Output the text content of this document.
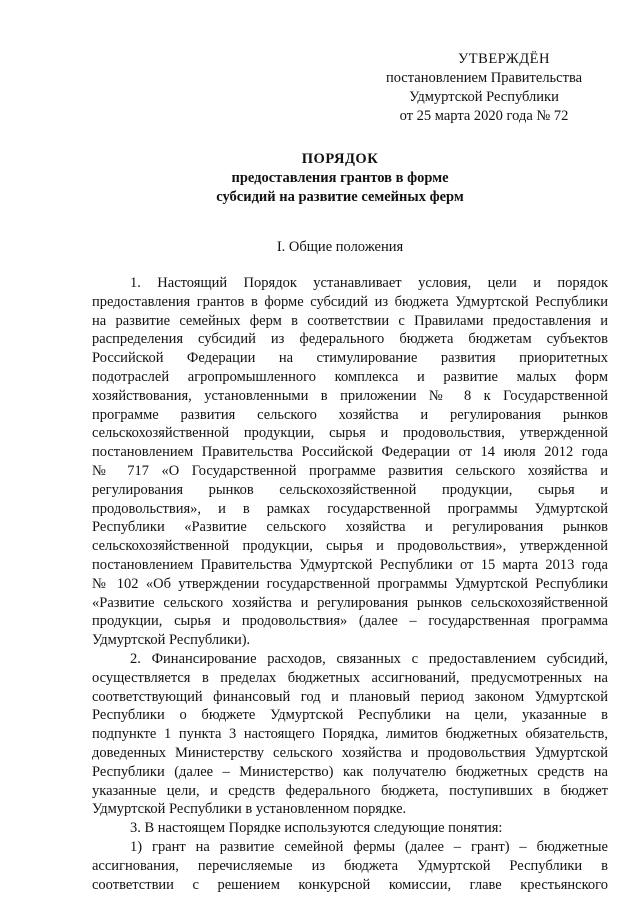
УТВЕРЖДЁН
постановлением Правительства
Удмуртской Республики
от 25 марта 2020 года № 72
ПОРЯДОК
предоставления грантов в форме
субсидий на развитие семейных ферм
I. Общие положения
1. Настоящий Порядок устанавливает условия, цели и порядок
предоставления грантов в форме субсидий из бюджета Удмуртской Республики
на развитие семейных ферм в соответствии с Правилами предоставления и
распределения субсидий из федерального бюджета бюджетам субъектов
Российской Федерации на стимулирование развития приоритетных
подотраслей агропромышленного комплекса и развитие малых форм
хозяйствования, установленными в приложении № 8 к Государственной
программе развития сельского хозяйства и регулирования рынков
сельскохозяйственной продукции, сырья и продовольствия, утвержденной
постановлением Правительства Российской Федерации от 14 июля 2012 года
№ 717 «О Государственной программе развития сельского хозяйства и
регулирования рынков сельскохозяйственной продукции, сырья и
продовольствия», и в рамках государственной программы Удмуртской
Республики «Развитие сельского хозяйства и регулирования рынков
сельскохозяйственной продукции, сырья и продовольствия», утвержденной
постановлением Правительства Удмуртской Республики от 15 марта 2013 года
№ 102 «Об утверждении государственной программы Удмуртской Республики
«Развитие сельского хозяйства и регулирования рынков сельскохозяйственной
продукции, сырья и продовольствия» (далее – государственная программа
Удмуртской Республики).
2. Финансирование расходов, связанных с предоставлением субсидий,
осуществляется в пределах бюджетных ассигнований, предусмотренных на
соответствующий финансовый год и плановый период законом Удмуртской
Республики о бюджете Удмуртской Республики на цели, указанные в
подпункте 1 пункта 3 настоящего Порядка, лимитов бюджетных обязательств,
доведенных Министерству сельского хозяйства и продовольствия Удмуртской
Республики (далее – Министерство) как получателю бюджетных средств на
указанные цели, и средств федерального бюджета, поступивших в бюджет
Удмуртской Республики в установленном порядке.
3. В настоящем Порядке используются следующие понятия:
1) грант на развитие семейной фермы (далее – грант) – бюджетные
ассигнования, перечисляемые из бюджета Удмуртской Республики в
соответствии с решением конкурсной комиссии, главе крестьянского
